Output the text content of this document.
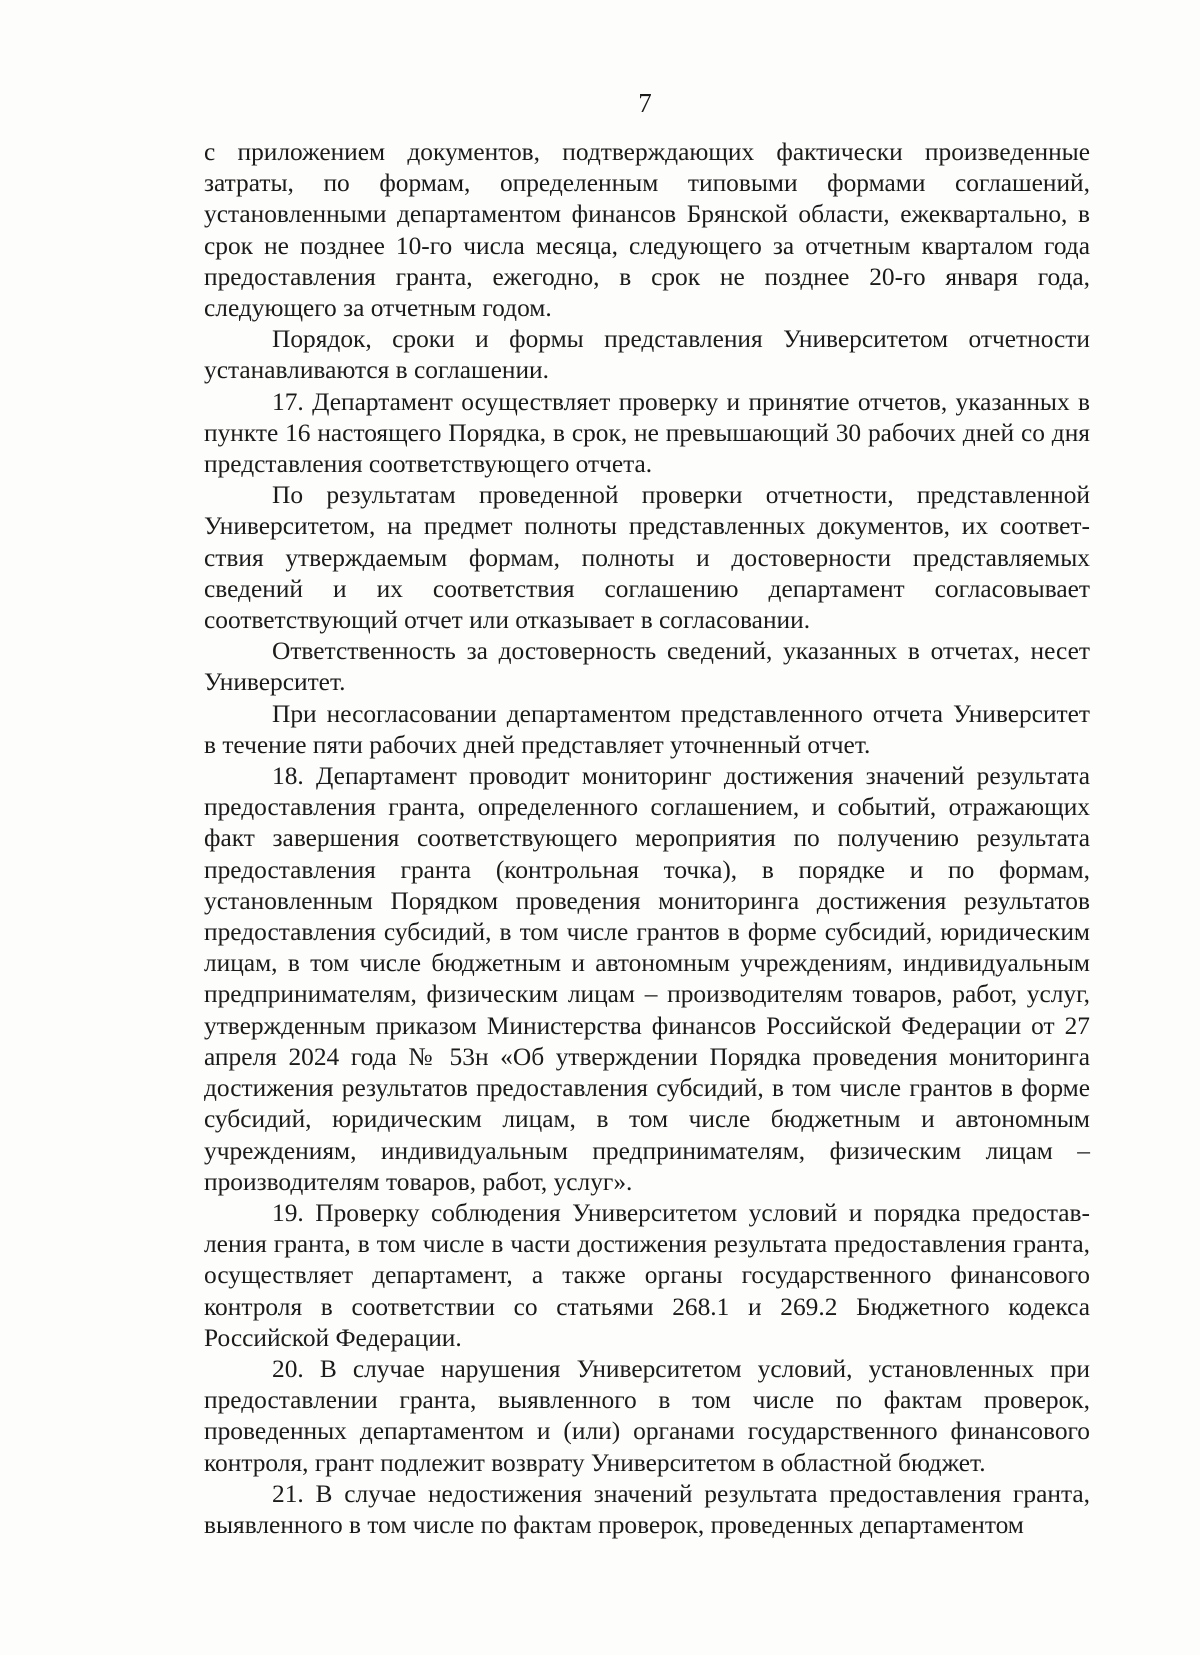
7

с приложением документов, подтверждающих фактически произведенные затраты, по формам, определенным типовыми формами соглашений, установленными департаментом финансов Брянской области, ежеквартально, в срок не позднее 10-го числа месяца, следующего за отчетным кварталом года предоставления гранта, ежегодно, в срок не позднее 20-го января года, следующего за отчетным годом.

Порядок, сроки и формы представления Университетом отчетности устанавливаются в соглашении.

17. Департамент осуществляет проверку и принятие отчетов, указанных в пункте 16 настоящего Порядка, в срок, не превышающий 30 рабочих дней со дня представления соответствующего отчета.

По результатам проведенной проверки отчетности, представленной Университетом, на предмет полноты представленных документов, их соответствия утверждаемым формам, полноты и достоверности представляемых сведений и их соответствия соглашению департамент согласовывает соответствующий отчет или отказывает в согласовании.

Ответственность за достоверность сведений, указанных в отчетах, несет Университет.

При несогласовании департаментом представленного отчета Университет в течение пяти рабочих дней представляет уточненный отчет.

18. Департамент проводит мониторинг достижения значений результата предоставления гранта, определенного соглашением, и событий, отражающих факт завершения соответствующего мероприятия по получению результата предоставления гранта (контрольная точка), в порядке и по формам, установленным Порядком проведения мониторинга достижения результатов предоставления субсидий, в том числе грантов в форме субсидий, юридическим лицам, в том числе бюджетным и автономным учреждениям, индивидуальным предпринимателям, физическим лицам – производителям товаров, работ, услуг, утвержденным приказом Министерства финансов Российской Федерации от 27 апреля 2024 года № 53н «Об утверждении Порядка проведения мониторинга достижения результатов предоставления субсидий, в том числе грантов в форме субсидий, юридическим лицам, в том числе бюджетным и автономным учреждениям, индивидуальным предпринимателям, физическим лицам – производителям товаров, работ, услуг».

19. Проверку соблюдения Университетом условий и порядка предоставления гранта, в том числе в части достижения результата предоставления гранта, осуществляет департамент, а также органы государственного финансового контроля в соответствии со статьями 268.1 и 269.2 Бюджетного кодекса Российской Федерации.

20. В случае нарушения Университетом условий, установленных при предоставлении гранта, выявленного в том числе по фактам проверок, проведенных департаментом и (или) органами государственного финансового контроля, грант подлежит возврату Университетом в областной бюджет.

21. В случае недостижения значений результата предоставления гранта, выявленного в том числе по фактам проверок, проведенных департаментом
